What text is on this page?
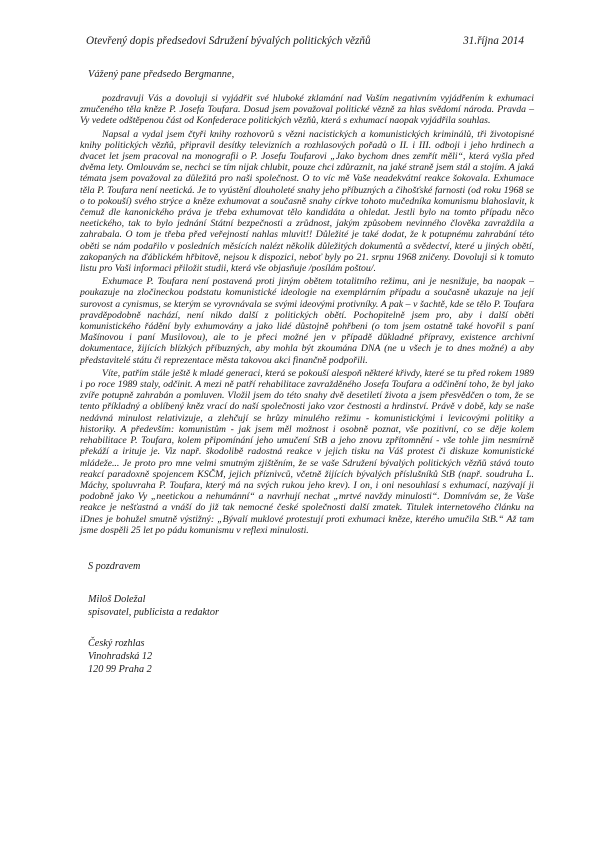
Otevřený dopis předsedovi Sdružení bývalých politických vězňů	31.října 2014
Vážený pane předsedo Bergmanne,

pozdravuji Vás a dovoluji si vyjádřit své hluboké zklamání nad Vaším negativním vyjádřením k exhumaci zmučeného těla kněze P. Josefa Toufara. Dosud jsem považoval politické vězně za hlas svědomí národa. Pravda – Vy vedete odštěpenou část od Konfederace politických vězňů, která s exhumací naopak vyjádřila souhlas.

Napsal a vydal jsem čtyři knihy rozhovorů s vězni nacistických a komunistických kriminálů, tři životopisné knihy politických vězňů, připravil desítky televizních a rozhlasových pořadů o II. i III. odboji i jeho hrdinech a dvacet let jsem pracoval na monografii o P. Josefu Toufarovi „Jako bychom dnes zemřít měli“, která vyšla před dvěma lety. Omlouvám se, nechci se tím nijak chlubit, pouze chci zdůraznit, na jaké straně jsem stál a stojím. A jaká témata jsem považoval za důležitá pro naši společnost. O to víc mě Vaše neadekvátní reakce šokovala. Exhumace těla P. Toufara není neetická. Je to vyústění dlouholeté snahy jeho příbuzných a čihošťské farnosti (od roku 1968 se o to pokouší) svého strýce a kněze exhumovat a současně snahy církve tohoto mučedníka komunismu blahoslavit, k čemuž dle kanonického práva je třeba exhumovat tělo kandidáta a ohledat. Jestli bylo na tomto případu něco neetického, tak to bylo jednání Státní bezpečnosti a zrůdnost, jakým způsobem nevinného člověka zavraždila a zahrabala. O tom je třeba před veřejností nahlas mluvit!! Důležité je také dodat, že k potupnému zahrabání této oběti se nám podařilo v posledních měsících nalézt několik důležitých dokumentů a svědectví, které u jiných obětí, zakopaných na ďáblickém hřbitově, nejsou k dispozici, neboť byly po 21. srpnu 1968 zničeny. Dovoluji si k tomuto listu pro Vaši informaci přiložit studii, která vše objasňuje /posílám poštou/.

Exhumace P. Toufara není postavená proti jiným obětem totalitního režimu, ani je nesnižuje, ba naopak – poukazuje na zločineckou podstatu komunistické ideologie na exemplárním případu a současně ukazuje na její surovost a cynismus, se kterým se vyrovnávala se svými ideovými protivníky. A pak – v šachtě, kde se tělo P. Toufara pravděpodobně nachází, není nikdo další z politických obětí. Pochopitelně jsem pro, aby i další oběti komunistického řádění byly exhumovány a jako lidé důstojně pohřbeni (o tom jsem ostatně také hovořil s paní Mašínovou i paní Musilovou), ale to je přeci možné jen v případě důkladné přípravy, existence archivní dokumentace, žijících blízkých příbuzných, aby mohla být zkoumána DNA (ne u všech je to dnes možné) a aby představitelé státu či reprezentace města takovou akci finančně podpořili.

Víte, patřím stále ještě k mladé generaci, která se pokouší alespoň některé křivdy, které se tu před rokem 1989 i po roce 1989 staly, odčinit. A mezi ně patří rehabilitace zavražděného Josefa Toufara a odčinění toho, že byl jako zvíře potupně zahrabán a pomluven. Vložil jsem do této snahy dvě desetiletí života a jsem přesvědčen o tom, že se tento příkladný a oblíbený kněz vrací do naší společnosti jako vzor čestnosti a hrdinství. Právě v době, kdy se naše nedávná minulost relativizuje, a zlehčují se hrůzy minulého režimu - komunistickými i levicovými politiky a historiky. A především: komunistům - jak jsem měl možnost i osobně poznat, vše pozitivní, co se děje kolem rehabilitace P. Toufara, kolem připomínání jeho umučení StB a jeho znovu zpřítomnění - vše tohle jim nesmírně překáží a irituje je. Viz např. škodolibě radostná reakce v jejich tisku na Váš protest či diskuze komunistické mládeže... Je proto pro mne velmi smutným zjištěním, že se vaše Sdružení bývalých politických vězňů stává touto reakcí paradoxně spojencem KSČM, jejich příznivců, včetně žijících bývalých příslušníků StB (např. soudruha L. Máchy, spoluvraha P. Toufara, který má na svých rukou jeho krev). I on, i oni nesouhlasí s exhumací, nazývají ji podobně jako Vy „neetickou a nehumánní“ a navrhují nechat „mrtvé navždy minulosti“. Domnívám se, že Vaše reakce je nešťastná a vnáší do již tak nemocné české společnosti další zmatek. Titulek internetového článku na iDnes je bohužel smutně výstižný: „Bývalí muklové protestují proti exhumaci kněze, kterého umučila StB.“ Až tam jsme dospěli 25 let po pádu komunismu v reflexi minulosti.

S pozdravem
Miloš Doležal
spisovatel, publicista a redaktor
Český rozhlas
Vinohradská 12
120 99 Praha 2
